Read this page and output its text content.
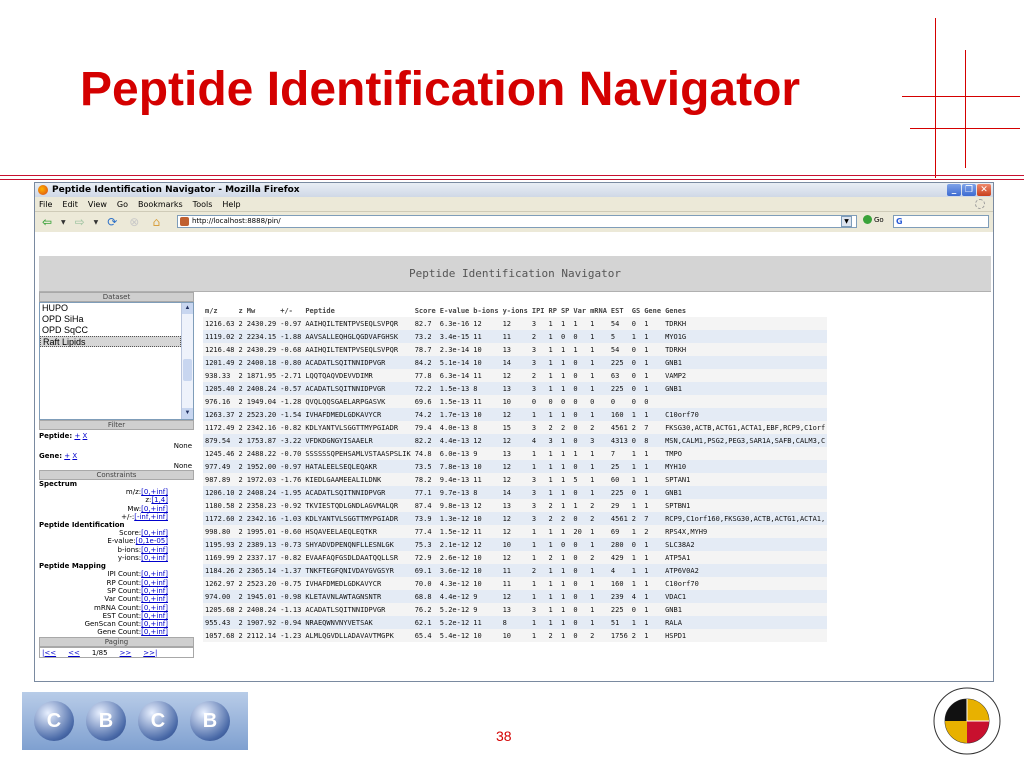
Peptide Identification Navigator
Peptide Identification Navigator - Mozilla Firefox	_ ❐ ✕
File Edit View Go Bookmarks Tools Help
⇦	▼ ⇨	▼ ⟳ ⊗	⌂	http://localhost:8888/pin/	▼	Go	G
Peptide Identification Navigator
Dataset
HUPO
OPD SiHa
OPD SqCC
Raft Lipids
▲
▼
Filter
Peptide: + X
None
Gene: + X
None
Constraints
Spectrum
m/z:[0,+inf]
z:[1,4]
Mw:[0,+inf]
+/-:[-inf,+inf]
Peptide Identification
Score:[0,+inf]
E-value:[0,1e-05]
b-ions:[0,+inf]
y-ions:[0,+inf]
Peptide Mapping
IPI Count:[0,+inf]
RP Count:[0,+inf]
SP Count:[0,+inf]
Var Count:[0,+inf]
mRNA Count:[0,+inf]
EST Count:[0,+inf]
GenScan Count:[0,+inf]
Gene Count:[0,+inf]
Paging
|<< << 1/85 >> >>|
m/z	z	Mw	+/-	Peptide	Score	E-value	b-ions	y-ions	IPI	RP	SP	Var	mRNA	EST	GS	Gene	Genes
1216.63	2	2430.29	-0.97	AAIHQILTENTPVSEQLSVPQR	82.7	6.3e-16	12	12	3	1	1	1	1	54	0	1	TDRKH
1119.02	2	2234.15	-1.88	AAVSALLEQHGLQGDVAFGHSK	73.2	3.4e-15	11	11	2	1	0	0	1	5	1	1	MYO1G
1216.48	2	2430.29	-0.68	AAIHQILTENTPVSEQLSVPQR	78.7	2.3e-14	10	13	3	1	1	1	1	54	0	1	TDRKH
1201.49	2	2400.18	-0.80	ACADATLSQITNNIDPVGR	84.2	5.1e-14	10	14	3	1	1	0	1	225	0	1	GNB1
938.33	2	1871.95	-2.71	LQQTQAQVDEVVDIMR	77.8	6.3e-14	11	12	2	1	1	0	1	63	0	1	VAMP2
1205.40	2	2408.24	-0.57	ACADATLSQITNNIDPVGR	72.2	1.5e-13	8	13	3	1	1	0	1	225	0	1	GNB1
976.16	2	1949.04	-1.28	QVQLQQSGAELARPGASVK	69.6	1.5e-13	11	10	0	0	0	0	0	0	0	0	
1263.37	2	2523.20	-1.54	IVHAFDMEDLGDKAVYCR	74.2	1.7e-13	10	12	1	1	1	0	1	160	1	1	C10orf70
1172.49	2	2342.16	-0.82	KDLYANTVLSGGTTMYPGIADR	79.4	4.0e-13	8	15	3	2	2	0	2	4561	2	7	FKSG30,ACTB,ACTG1,ACTA1,EBF,RCP9,C1orf
879.54	2	1753.87	-3.22	VFDKDGNGYISAAELR	82.2	4.4e-13	12	12	4	3	1	0	3	4313	0	8	MSN,CALM1,PSG2,PEG3,SAR1A,SAFB,CALM3,C
1245.46	2	2488.22	-0.70	SSSSSSQPEHSAMLVSTAASPSLIK	74.8	6.0e-13	9	13	1	1	1	1	1	7	1	1	TMPO
977.49	2	1952.00	-0.97	HATALEELSEQLEQAKR	73.5	7.8e-13	10	12	1	1	1	0	1	25	1	1	MYH10
987.89	2	1972.03	-1.76	KIEDLGAAMEEALILDNK	78.2	9.4e-13	11	12	3	1	1	5	1	60	1	1	SPTAN1
1206.10	2	2408.24	-1.95	ACADATLSQITNNIDPVGR	77.1	9.7e-13	8	14	3	1	1	0	1	225	0	1	GNB1
1180.58	2	2358.23	-0.92	TKVIESTQDLGNDLAGVMALQR	87.4	9.8e-13	12	13	3	2	1	1	2	29	1	1	SPTBN1
1172.60	2	2342.16	-1.03	KDLYANTVLSGGTTMYPGIADR	73.9	1.3e-12	10	12	3	2	2	0	2	4561	2	7	RCP9,C1orf160,FKSG30,ACTB,ACTG1,ACTA1,
998.80	2	1995.01	-0.60	HSQAVEELAEQLEQTKR	77.4	1.5e-12	11	12	1	1	1	20	1	69	1	2	RPS4X,MYH9
1195.93	2	2389.13	-0.73	SHYADVDPENQNFLLESNLGK	75.3	2.1e-12	12	10	1	1	0	0	1	280	0	1	SLC38A2
1169.99	2	2337.17	-0.82	EVAAFAQFGSDLDAATQQLLSR	72.9	2.6e-12	10	12	1	2	1	0	2	429	1	1	ATP5A1
1184.26	2	2365.14	-1.37	TNKFTEGFQNIVDAYGVGSYR	69.1	3.6e-12	10	11	2	1	1	0	1	4	1	1	ATP6V0A2
1262.97	2	2523.20	-0.75	IVHAFDMEDLGDKAVYCR	70.0	4.3e-12	10	11	1	1	1	0	1	160	1	1	C10orf70
974.00	2	1945.01	-0.98	KLETAVNLAWTAGNSNTR	68.8	4.4e-12	9	12	1	1	1	0	1	239	4	1	VDAC1
1205.68	2	2408.24	-1.13	ACADATLSQITNNIDPVGR	76.2	5.2e-12	9	13	3	1	1	0	1	225	0	1	GNB1
955.43	2	1907.92	-0.94	NRAEQWNVNYVETSAK	62.1	5.2e-12	11	8	1	1	1	0	1	51	1	1	RALA
1057.68	2	2112.14	-1.23	ALMLQGVDLLADAVAVTMGPK	65.4	5.4e-12	10	10	1	2	1	0	2	1756	2	1	HSPD1
C	B	C	B
38
